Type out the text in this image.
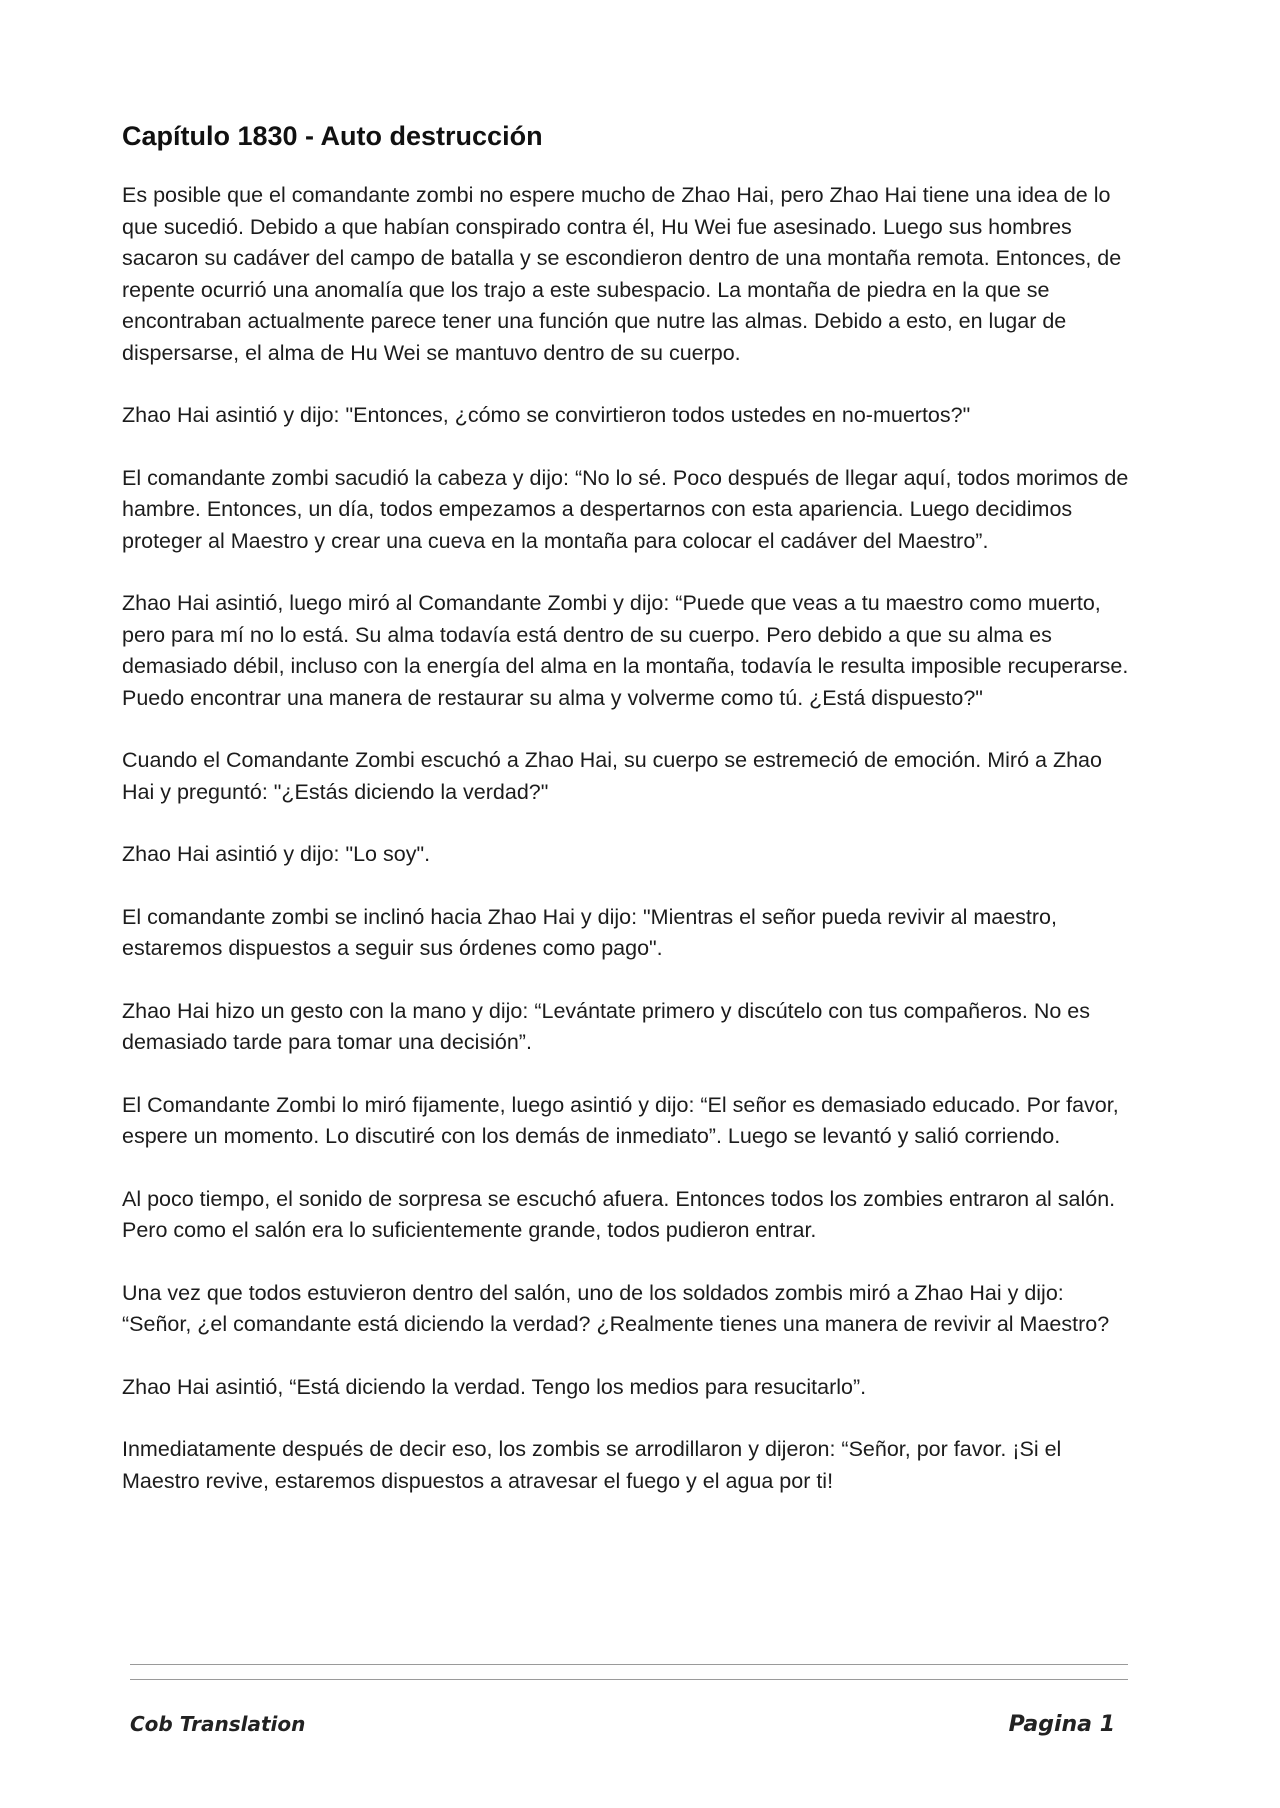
Capítulo 1830 - Auto destrucción

Es posible que el comandante zombi no espere mucho de Zhao Hai, pero Zhao Hai tiene una idea de lo que sucedió. Debido a que habían conspirado contra él, Hu Wei fue asesinado. Luego sus hombres sacaron su cadáver del campo de batalla y se escondieron dentro de una montaña remota. Entonces, de repente ocurrió una anomalía que los trajo a este subespacio. La montaña de piedra en la que se encontraban actualmente parece tener una función que nutre las almas. Debido a esto, en lugar de dispersarse, el alma de Hu Wei se mantuvo dentro de su cuerpo.

Zhao Hai asintió y dijo: "Entonces, ¿cómo se convirtieron todos ustedes en no-muertos?"

El comandante zombi sacudió la cabeza y dijo: “No lo sé. Poco después de llegar aquí, todos morimos de hambre. Entonces, un día, todos empezamos a despertarnos con esta apariencia. Luego decidimos proteger al Maestro y crear una cueva en la montaña para colocar el cadáver del Maestro”.

Zhao Hai asintió, luego miró al Comandante Zombi y dijo: “Puede que veas a tu maestro como muerto, pero para mí no lo está. Su alma todavía está dentro de su cuerpo. Pero debido a que su alma es demasiado débil, incluso con la energía del alma en la montaña, todavía le resulta imposible recuperarse. Puedo encontrar una manera de restaurar su alma y volverme como tú. ¿Está dispuesto?"

Cuando el Comandante Zombi escuchó a Zhao Hai, su cuerpo se estremeció de emoción. Miró a Zhao Hai y preguntó: "¿Estás diciendo la verdad?"

Zhao Hai asintió y dijo: "Lo soy".

El comandante zombi se inclinó hacia Zhao Hai y dijo: "Mientras el señor pueda revivir al maestro, estaremos dispuestos a seguir sus órdenes como pago".

Zhao Hai hizo un gesto con la mano y dijo: “Levántate primero y discútelo con tus compañeros. No es demasiado tarde para tomar una decisión”.

El Comandante Zombi lo miró fijamente, luego asintió y dijo: “El señor es demasiado educado. Por favor, espere un momento. Lo discutiré con los demás de inmediato”. Luego se levantó y salió corriendo.

Al poco tiempo, el sonido de sorpresa se escuchó afuera. Entonces todos los zombies entraron al salón. Pero como el salón era lo suficientemente grande, todos pudieron entrar.

Una vez que todos estuvieron dentro del salón, uno de los soldados zombis miró a Zhao Hai y dijo: “Señor, ¿el comandante está diciendo la verdad? ¿Realmente tienes una manera de revivir al Maestro?

Zhao Hai asintió, “Está diciendo la verdad. Tengo los medios para resucitarlo”.

Inmediatamente después de decir eso, los zombis se arrodillaron y dijeron: “Señor, por favor. ¡Si el Maestro revive, estaremos dispuestos a atravesar el fuego y el agua por ti!

Cob Translation	Pagina 1
